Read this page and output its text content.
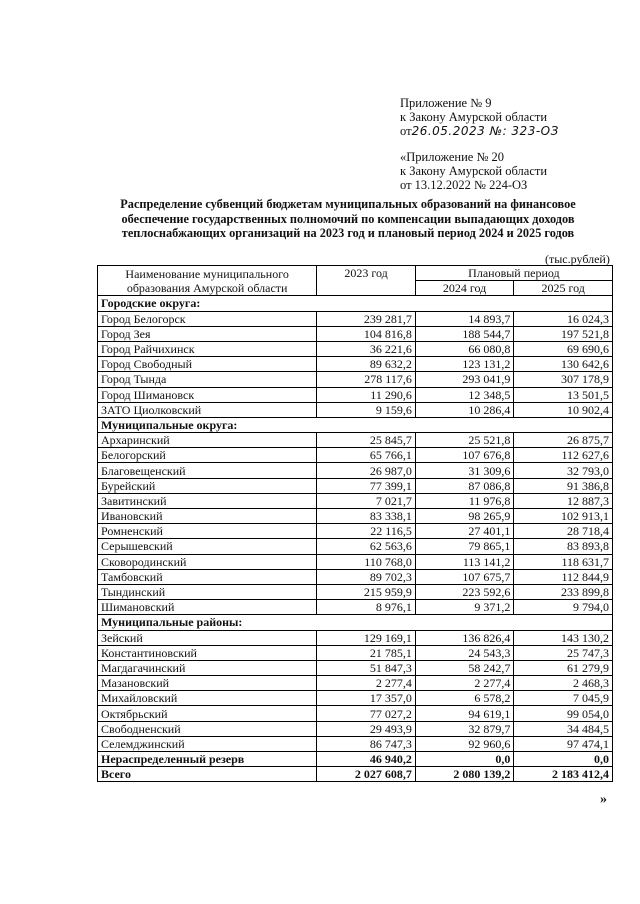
Приложение № 9
к Закону Амурской области
от26.05.2023 №: 323-ОЗ
«Приложение № 20
к Закону Амурской области
от 13.12.2022 № 224-ОЗ
Распределение субвенций бюджетам муниципальных образований на финансовое обеспечение государственных полномочий по компенсации выпадающих доходов теплоснабжающих организаций на 2023 год и плановый период 2024 и 2025 годов
(тыс.рублей)
Наименование муниципального образования Амурской области	2023 год	Плановый период	
		2024 год	2025 год
Городские округа:			
Город Белогорск	239 281,7	14 893,7	16 024,3
Город Зея	104 816,8	188 544,7	197 521,8
Город Райчихинск	36 221,6	66 080,8	69 690,6
Город Свободный	89 632,2	123 131,2	130 642,6
Город Тында	278 117,6	293 041,9	307 178,9
Город Шимановск	11 290,6	12 348,5	13 501,5
ЗАТО Циолковский	9 159,6	10 286,4	10 902,4
Муниципальные округа:			
Архаринский	25 845,7	25 521,8	26 875,7
Белогорский	65 766,1	107 676,8	112 627,6
Благовещенский	26 987,0	31 309,6	32 793,0
Бурейский	77 399,1	87 086,8	91 386,8
Завитинский	7 021,7	11 976,8	12 887,3
Ивановский	83 338,1	98 265,9	102 913,1
Ромненский	22 116,5	27 401,1	28 718,4
Серышевский	62 563,6	79 865,1	83 893,8
Сковородинский	110 768,0	113 141,2	118 631,7
Тамбовский	89 702,3	107 675,7	112 844,9
Тындинский	215 959,9	223 592,6	233 899,8
Шимановский	8 976,1	9 371,2	9 794,0
Муниципальные районы:			
Зейский	129 169,1	136 826,4	143 130,2
Константиновский	21 785,1	24 543,3	25 747,3
Магдагачинский	51 847,3	58 242,7	61 279,9
Мазановский	2 277,4	2 277,4	2 468,3
Михайловский	17 357,0	6 578,2	7 045,9
Октябрьский	77 027,2	94 619,1	99 054,0
Свободненский	29 493,9	32 879,7	34 484,5
Селемджинский	86 747,3	92 960,6	97 474,1
Нераспределенный резерв	46 940,2	0,0	0,0
Всего	2 027 608,7	2 080 139,2	2 183 412,4
»
